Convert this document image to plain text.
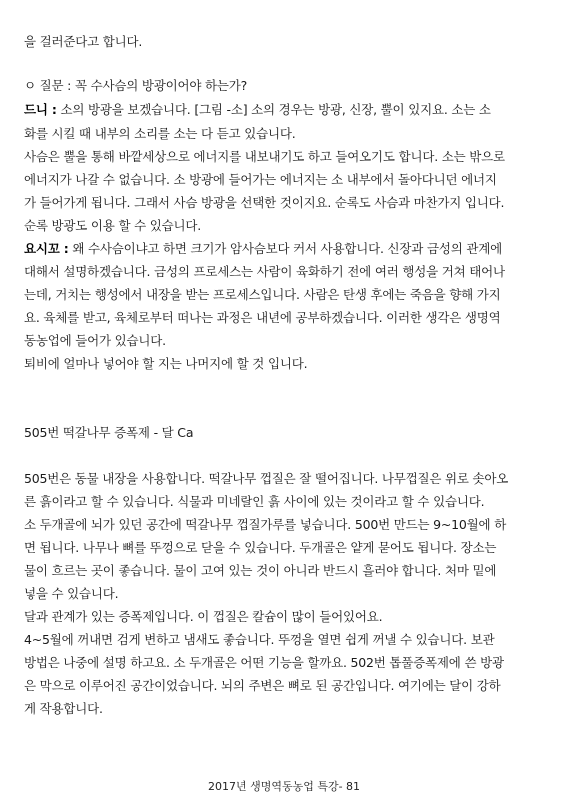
을 걸러준다고 합니다.
ㅇ 질문 : 꼭 수사슴의 방광이어야 하는가?
드니 : 소의 방광을 보겠습니다. [그림 -소] 소의 경우는 방광, 신장, 뿔이 있지요. 소는 소
화를 시킬 때 내부의 소리를 소는 다 듣고 있습니다.
사슴은 뿔을 통해 바깥세상으로 에너지를 내보내기도 하고 들여오기도 합니다. 소는 밖으로
에너지가 나갈 수 없습니다. 소 방광에 들어가는 에너지는 소 내부에서 돌아다니던 에너지
가 들어가게 됩니다. 그래서 사슴 방광을 선택한 것이지요. 순록도 사슴과 마찬가지 입니다.
순록 방광도 이용 할 수 있습니다.
요시꼬 : 왜 수사슴이냐고 하면 크기가 암사슴보다 커서 사용합니다. 신장과 금성의 관계에
대해서 설명하겠습니다. 금성의 프로세스는 사람이 육화하기 전에 여러 행성을 거쳐 태어나
는데, 거치는 행성에서 내장을 받는 프로세스입니다. 사람은 탄생 후에는 죽음을 향해 가지
요. 육체를 받고, 육체로부터 떠나는 과정은 내년에 공부하겠습니다. 이러한 생각은 생명역
동농업에 들어가 있습니다.
퇴비에 얼마나 넣어야 할 지는 나머지에 할 것 입니다.
505번 떡갈나무 증폭제 - 달 Ca
505번은 동물 내장을 사용합니다. 떡갈나무 껍질은 잘 떨어집니다. 나무껍질은 위로 솟아오
른 흙이라고 할 수 있습니다. 식물과 미네랄인 흙 사이에 있는 것이라고 할 수 있습니다.
소 두개골에 뇌가 있던 공간에 떡갈나무 껍질가루를 넣습니다. 500번 만드는 9~10월에 하
면 됩니다. 나무나 뼈를 뚜껑으로 닫을 수 있습니다. 두개골은 얕게 묻어도 됩니다. 장소는
물이 흐르는 곳이 좋습니다. 물이 고여 있는 것이 아니라 반드시 흘러야 합니다. 처마 밑에
넣을 수 있습니다.
달과 관계가 있는 증폭제입니다. 이 껍질은 칼슘이 많이 들어있어요.
4~5월에 꺼내면 검게 변하고 냄새도 좋습니다. 뚜껑을 열면 쉽게 꺼낼 수 있습니다. 보관
방법은 나중에 설명 하고요. 소 두개골은 어떤 기능을 할까요. 502번 톱풀증폭제에 쓴 방광
은 막으로 이루어진 공간이었습니다. 뇌의 주변은 뼈로 된 공간입니다. 여기에는 달이 강하
게 작용합니다.
2017년 생명역동농업 특강- 81
